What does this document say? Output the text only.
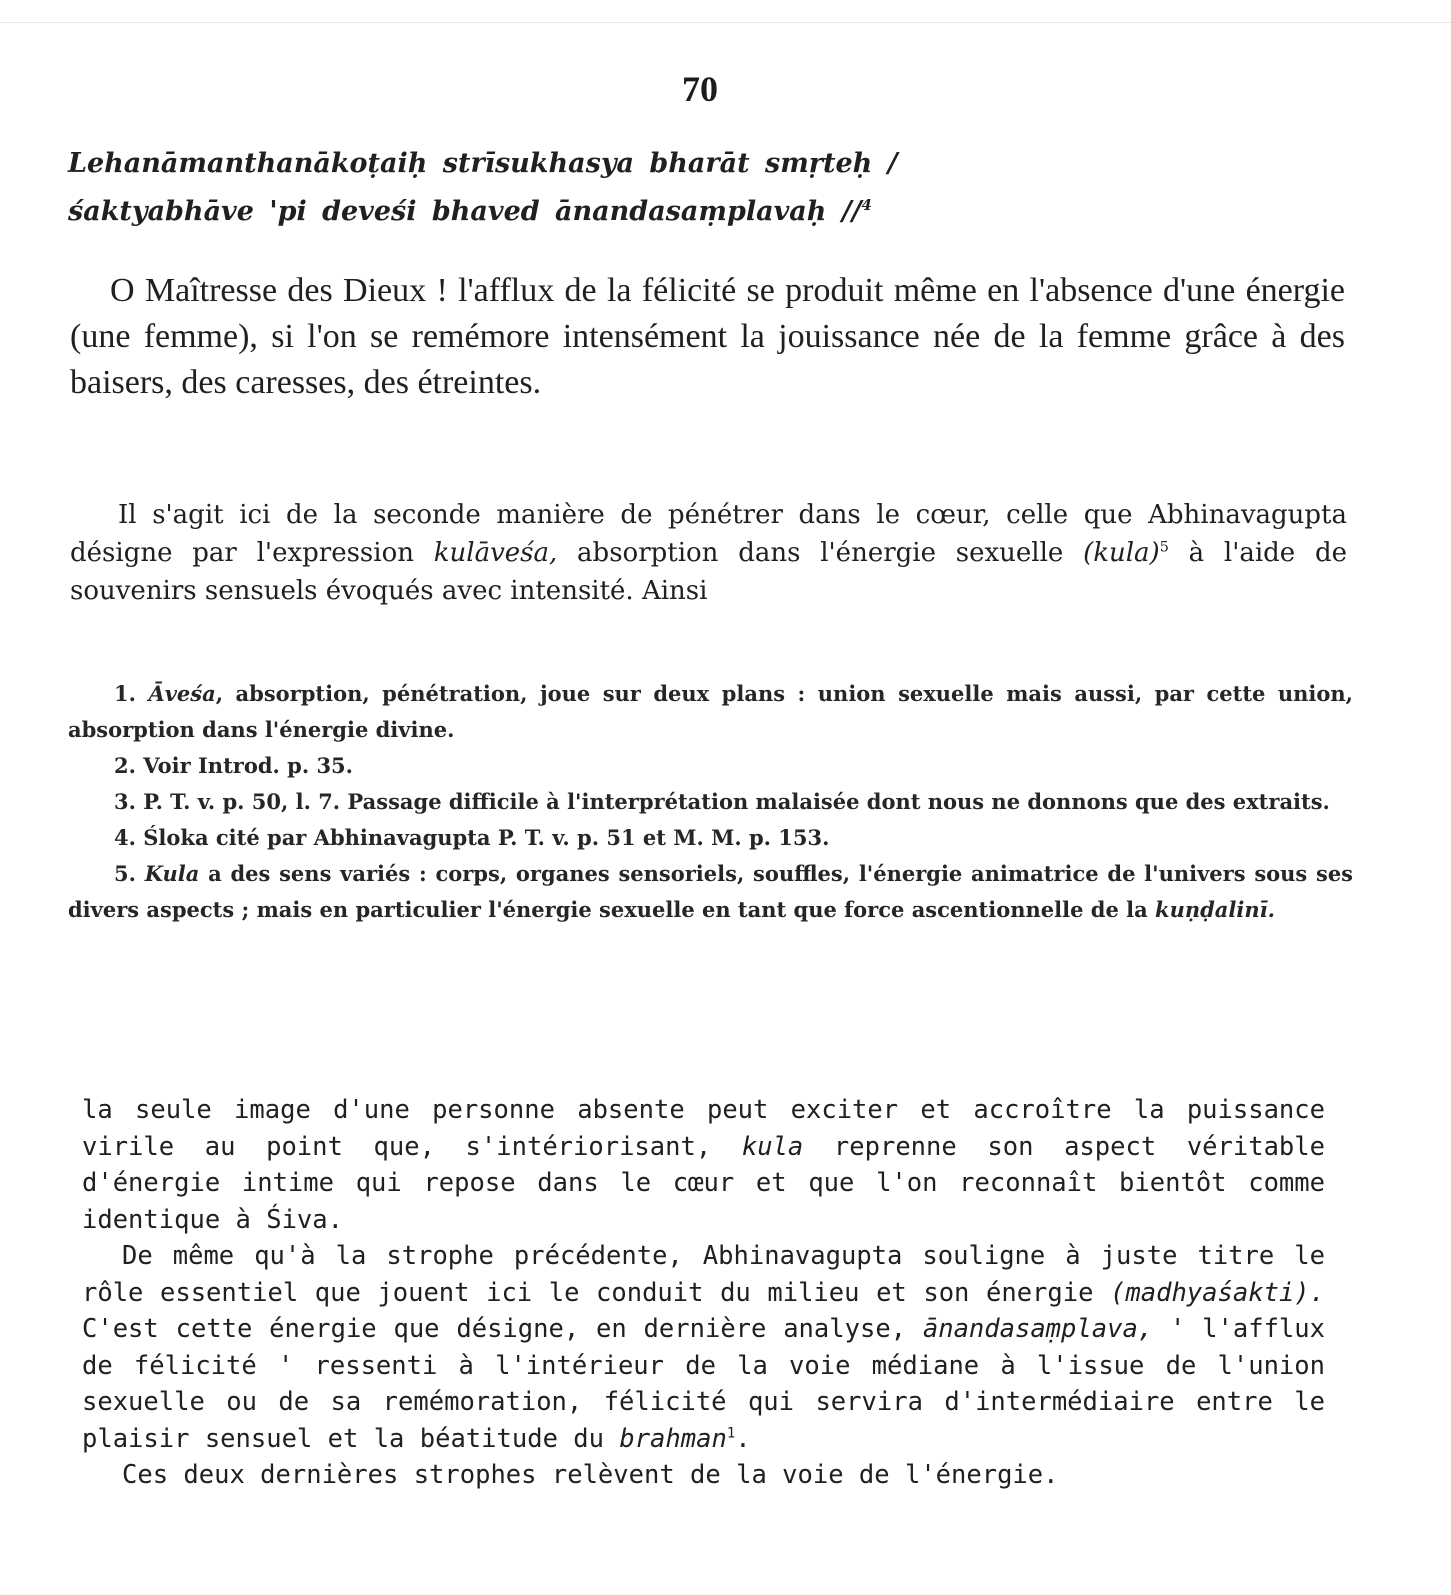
70
Lehanāmanthanākoṭaiḥ strīsukhasya bharāt smṛteḥ /
śaktyabhāve 'pi deveśi bhaved ānandasaṃplavaḥ //$^4$
O Maîtresse des Dieux ! l'afflux de la félicité se produit même en l'absence d'une énergie (une femme), si l'on se remémore intensément la jouissance née de la femme grâce à des baisers, des caresses, des étreintes.
Il s'agit ici de la seconde manière de pénétrer dans le cœur, celle que Abhinavagupta désigne par l'expression kulāveśa, absorption dans l'énergie sexuelle (kula)$^5$ à l'aide de souvenirs sensuels évoqués avec intensité. Ainsi

1. Āveśa, absorption, pénétration, joue sur deux plans : union sexuelle mais aussi, par cette union, absorption dans l'énergie divine.

2. Voir Introd. p. 35.

3. P. T. v. p. 50, l. 7. Passage difficile à l'interprétation malaisée dont nous ne donnons que des extraits.

4. Śloka cité par Abhinavagupta P. T. v. p. 51 et M. M. p. 153.

5. Kula a des sens variés : corps, organes sensoriels, souffles, l'énergie animatrice de l'univers sous ses divers aspects ; mais en particulier l'énergie sexuelle en tant que force ascentionnelle de la kuṇḍalinī.

la seule image d'une personne absente peut exciter et accroître la puissance virile au point que, s'intériorisant, kula reprenne son aspect véritable d'énergie intime qui repose dans le cœur et que l'on reconnaît bientôt comme identique à Śiva.

De même qu'à la strophe précédente, Abhinavagupta souligne à juste titre le rôle essentiel que jouent ici le conduit du milieu et son énergie (madhyaśakti). C'est cette énergie que désigne, en dernière analyse, ānandasaṃplava, ' l'afflux de félicité ' ressenti à l'intérieur de la voie médiane à l'issue de l'union sexuelle ou de sa remémoration, félicité qui servira d'intermédiaire entre le plaisir sensuel et la béatitude du brahman$^1$.

Ces deux dernières strophes relèvent de la voie de l'énergie.
